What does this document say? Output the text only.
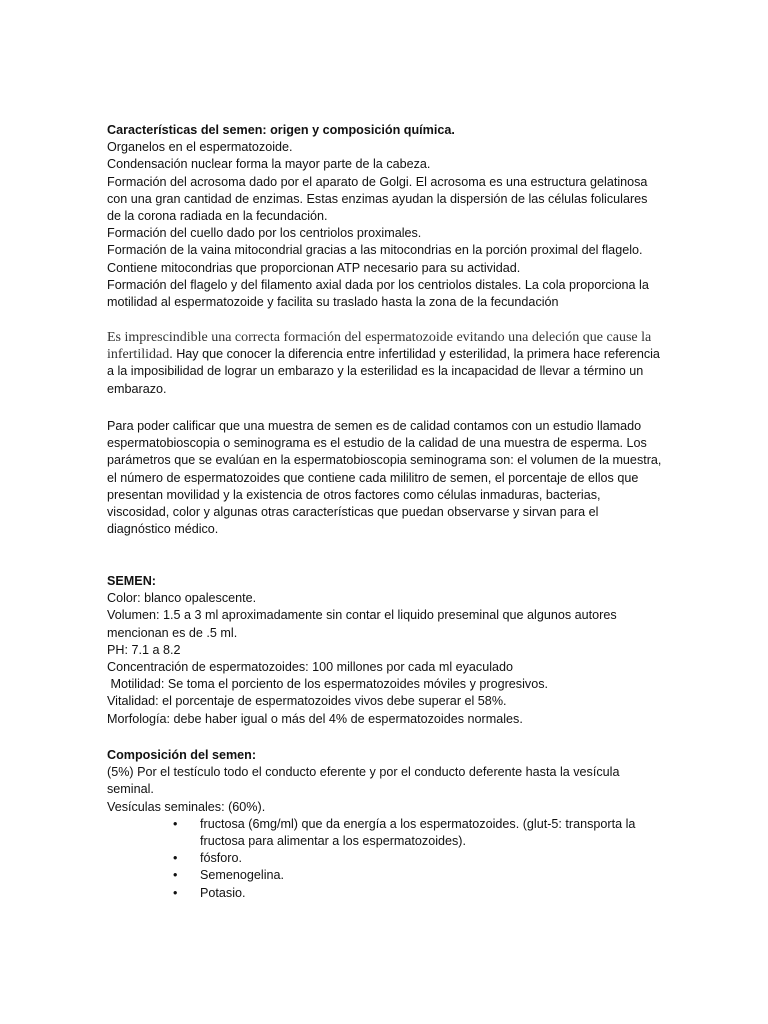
Características del semen: origen y composición química.

Organelos en el espermatozoide.

Condensación nuclear forma la mayor parte de la cabeza.

Formación del acrosoma dado por el aparato de Golgi. El acrosoma es una estructura gelatinosa con una gran cantidad de enzimas. Estas enzimas ayudan la dispersión de las células foliculares de la corona radiada en la fecundación.

Formación del cuello dado por los centriolos proximales.

Formación de la vaina mitocondrial gracias a las mitocondrias en la porción proximal del flagelo. Contiene mitocondrias que proporcionan ATP necesario para su actividad.

Formación del flagelo y del filamento axial dada por los centriolos distales. La cola proporciona la motilidad al espermatozoide y facilita su traslado hasta la zona de la fecundación

Es imprescindible una correcta formación del espermatozoide evitando una deleción que cause la infertilidad. Hay que conocer la diferencia entre infertilidad y esterilidad, la primera hace referencia a la imposibilidad de lograr un embarazo y la esterilidad es la incapacidad de llevar a término un embarazo.

Para poder calificar que una muestra de semen es de calidad contamos con un estudio llamado espermatobioscopia o seminograma es el estudio de la calidad de una muestra de esperma. Los parámetros que se evalúan en la espermatobioscopia seminograma son: el volumen de la muestra, el número de espermatozoides que contiene cada mililitro de semen, el porcentaje de ellos que presentan movilidad y la existencia de otros factores como células inmaduras, bacterias, viscosidad, color y algunas otras características que puedan observarse y sirvan para el diagnóstico médico.

SEMEN:

Color: blanco opalescente.

Volumen: 1.5 a 3 ml aproximadamente sin contar el liquido preseminal que algunos autores mencionan es de .5 ml.

PH: 7.1 a 8.2

Concentración de espermatozoides: 100 millones por cada ml eyaculado

Motilidad: Se toma el porciento de los espermatozoides móviles y progresivos.

Vitalidad: el porcentaje de espermatozoides vivos debe superar el 58%.

Morfología: debe haber igual o más del 4% de espermatozoides normales.

Composición del semen:

(5%) Por el testículo todo el conducto eferente y por el conducto deferente hasta la vesícula seminal.

Vesículas seminales: (60%).

• fructosa (6mg/ml) que da energía a los espermatozoides. (glut-5: transporta la fructosa para alimentar a los espermatozoides).
• fósforo.
• Semenogelina.
• Potasio.
